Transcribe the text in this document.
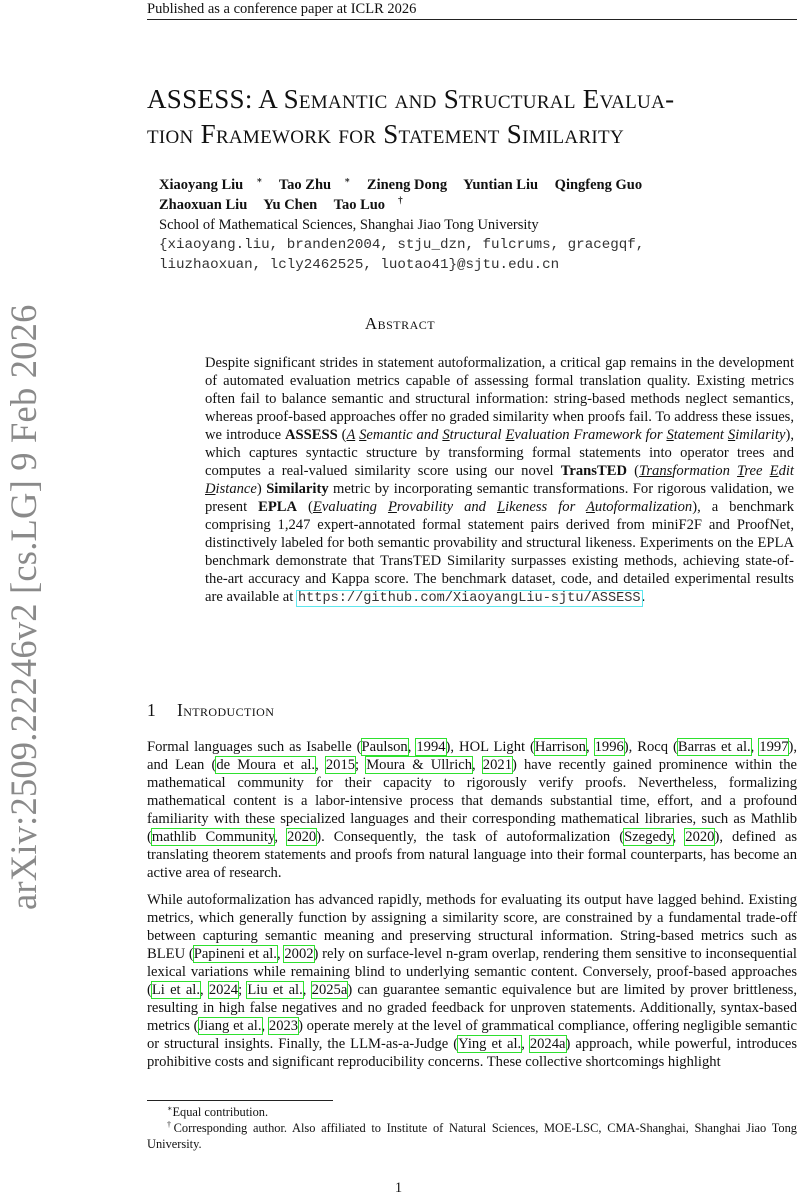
Published as a conference paper at ICLR 2026
arXiv:2509.22246v2 [cs.LG] 9 Feb 2026
ASSESS: A Semantic and Structural Evalua-
tion Framework for Statement Similarity
Xiaoyang Liu ∗ Tao Zhu ∗ Zineng Dong Yuntian Liu Qingfeng Guo
Zhaoxuan Liu Yu Chen Tao Luo †
School of Mathematical Sciences, Shanghai Jiao Tong University
{xiaoyang.liu, branden2004, stju_dzn, fulcrums, gracegqf,
liuzhaoxuan, lcly2462525, luotao41}@sjtu.edu.cn
Abstract

Despite significant strides in statement autoformalization, a critical gap remains in the development of automated evaluation metrics capable of assessing formal translation quality. Existing metrics often fail to balance semantic and structural information: string-based methods neglect semantics, whereas proof-based approaches offer no graded similarity when proofs fail. To address these issues, we introduce ASSESS (A Semantic and Structural Evaluation Framework for Statement Similarity), which captures syntactic structure by transforming formal statements into operator trees and computes a real-valued similarity score using our novel TransTED (Transformation Tree Edit Distance) Similarity metric by incorporating semantic transformations. For rigorous validation, we present EPLA (Evaluating Provability and Likeness for Autoformalization), a benchmark comprising 1,247 expert-annotated formal statement pairs derived from miniF2F and ProofNet, distinctively labeled for both semantic provability and structural likeness. Experiments on the EPLA benchmark demonstrate that TransTED Similarity surpasses existing methods, achieving state-of-the-art accuracy and Kappa score. The benchmark dataset, code, and detailed experimental results are available at https://github.com/XiaoyangLiu-sjtu/ASSESS.

1 Introduction

Formal languages such as Isabelle (Paulson, 1994), HOL Light (Harrison, 1996), Rocq (Barras et al., 1997), and Lean (de Moura et al., 2015; Moura & Ullrich, 2021) have recently gained prominence within the mathematical community for their capacity to rigorously verify proofs. Nevertheless, formalizing mathematical content is a labor-intensive process that demands substantial time, effort, and a profound familiarity with these specialized languages and their corresponding mathematical libraries, such as Mathlib (mathlib Community, 2020). Consequently, the task of autoformalization (Szegedy, 2020), defined as translating theorem statements and proofs from natural language into their formal counterparts, has become an active area of research.

While autoformalization has advanced rapidly, methods for evaluating its output have lagged behind. Existing metrics, which generally function by assigning a similarity score, are constrained by a fundamental trade-off between capturing semantic meaning and preserving structural information. String-based metrics such as BLEU (Papineni et al., 2002) rely on surface-level n-gram overlap, rendering them sensitive to inconsequential lexical variations while remaining blind to underlying semantic content. Conversely, proof-based approaches (Li et al., 2024; Liu et al., 2025a) can guarantee semantic equivalence but are limited by prover brittleness, resulting in high false negatives and no graded feedback for unproven statements. Additionally, syntax-based metrics (Jiang et al., 2023) operate merely at the level of grammatical compliance, offering negligible semantic or structural insights. Finally, the LLM-as-a-Judge (Ying et al., 2024a) approach, while powerful, introduces prohibitive costs and significant reproducibility concerns. These collective shortcomings highlight

∗Equal contribution.

†Corresponding author. Also affiliated to Institute of Natural Sciences, MOE-LSC, CMA-Shanghai, Shanghai Jiao Tong University.

1
